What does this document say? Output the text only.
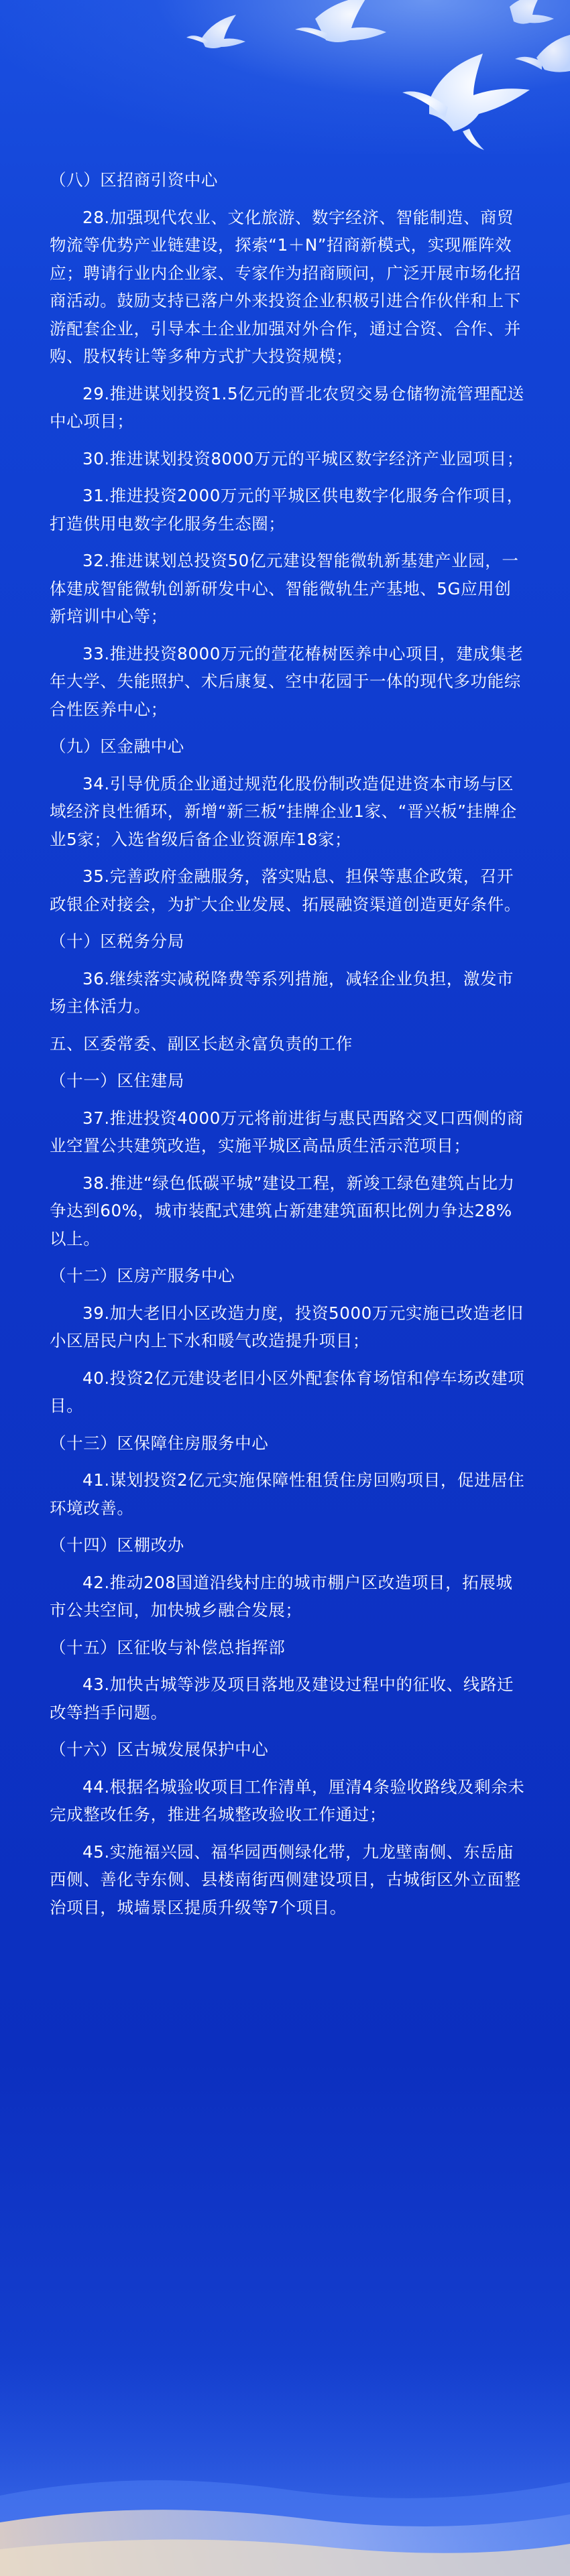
（八）区招商引资中心

28.加强现代农业、文化旅游、数字经济、智能制造、商贸物流等优势产业链建设，探索“1＋N”招商新模式，实现雁阵效应；聘请行业内企业家、专家作为招商顾问，广泛开展市场化招商活动。鼓励支持已落户外来投资企业积极引进合作伙伴和上下游配套企业，引导本土企业加强对外合作，通过合资、合作、并购、股权转让等多种方式扩大投资规模；

29.推进谋划投资1.5亿元的晋北农贸交易仓储物流管理配送中心项目；

30.推进谋划投资8000万元的平城区数字经济产业园项目；

31.推进投资2000万元的平城区供电数字化服务合作项目，打造供用电数字化服务生态圈；

32.推进谋划总投资50亿元建设智能微轨新基建产业园，一体建成智能微轨创新研发中心、智能微轨生产基地、5G应用创新培训中心等；

33.推进投资8000万元的萱花椿树医养中心项目，建成集老年大学、失能照护、术后康复、空中花园于一体的现代多功能综合性医养中心；

（九）区金融中心

34.引导优质企业通过规范化股份制改造促进资本市场与区域经济良性循环，新增“新三板”挂牌企业1家、“晋兴板”挂牌企业5家；入选省级后备企业资源库18家；

35.完善政府金融服务，落实贴息、担保等惠企政策，召开政银企对接会，为扩大企业发展、拓展融资渠道创造更好条件。

（十）区税务分局

36.继续落实减税降费等系列措施，减轻企业负担，激发市场主体活力。

五、区委常委、副区长赵永富负责的工作

（十一）区住建局

37.推进投资4000万元将前进街与惠民西路交叉口西侧的商业空置公共建筑改造，实施平城区高品质生活示范项目；

38.推进“绿色低碳平城”建设工程，新竣工绿色建筑占比力争达到60%，城市装配式建筑占新建建筑面积比例力争达28%以上。

（十二）区房产服务中心

39.加大老旧小区改造力度，投资5000万元实施已改造老旧小区居民户内上下水和暖气改造提升项目；

40.投资2亿元建设老旧小区外配套体育场馆和停车场改建项目。

（十三）区保障住房服务中心

41.谋划投资2亿元实施保障性租赁住房回购项目，促进居住环境改善。

（十四）区棚改办

42.推动208国道沿线村庄的城市棚户区改造项目，拓展城市公共空间，加快城乡融合发展；

（十五）区征收与补偿总指挥部

43.加快古城等涉及项目落地及建设过程中的征收、线路迁改等挡手问题。

（十六）区古城发展保护中心

44.根据名城验收项目工作清单，厘清4条验收路线及剩余未完成整改任务，推进名城整改验收工作通过；

45.实施福兴园、福华园西侧绿化带，九龙壁南侧、东岳庙西侧、善化寺东侧、县楼南街西侧建设项目，古城街区外立面整治项目，城墙景区提质升级等7个项目。
